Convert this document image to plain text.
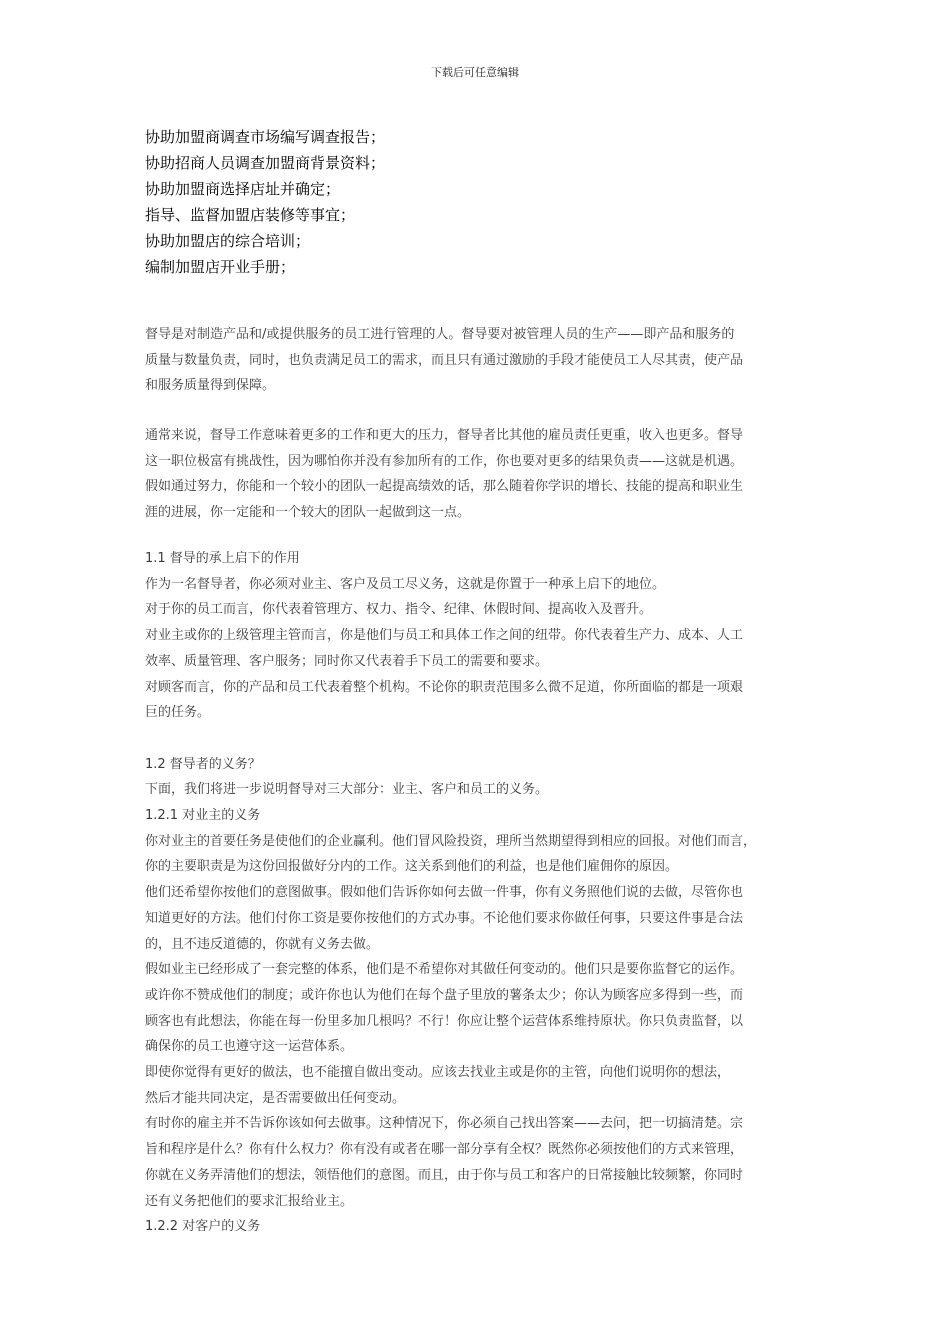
下载后可任意编辑
协助加盟商调查市场编写调查报告；
协助招商人员调查加盟商背景资料；
协助加盟商选择店址并确定；
指导、监督加盟店装修等事宜；
协助加盟店的综合培训；
编制加盟店开业手册；
督导是对制造产品和/或提供服务的员工进行管理的人。督导要对被管理人员的生产——即产品和服务的
质量与数量负责，同时，也负责满足员工的需求，而且只有通过激励的手段才能使员工人尽其责，使产品
和服务质量得到保障。
通常来说，督导工作意味着更多的工作和更大的压力，督导者比其他的雇员责任更重，收入也更多。督导
这一职位极富有挑战性，因为哪怕你并没有参加所有的工作，你也要对更多的结果负责——这就是机遇。
假如通过努力，你能和一个较小的团队一起提高绩效的话，那么随着你学识的增长、技能的提高和职业生
涯的进展，你一定能和一个较大的团队一起做到这一点。
1.1 督导的承上启下的作用
作为一名督导者，你必须对业主、客户及员工尽义务，这就是你置于一种承上启下的地位。
对于你的员工而言，你代表着管理方、权力、指令、纪律、休假时间、提高收入及晋升。
对业主或你的上级管理主管而言，你是他们与员工和具体工作之间的纽带。你代表着生产力、成本、人工
效率、质量管理、客户服务；同时你又代表着手下员工的需要和要求。
对顾客而言，你的产品和员工代表着整个机构。不论你的职责范围多么微不足道，你所面临的都是一项艰
巨的任务。

1.2 督导者的义务？
下面，我们将进一步说明督导对三大部分：业主、客户和员工的义务。
1.2.1 对业主的义务
你对业主的首要任务是使他们的企业赢利。他们冒风险投资，理所当然期望得到相应的回报。对他们而言，
你的主要职责是为这份回报做好分内的工作。这关系到他们的利益，也是他们雇佣你的原因。
他们还希望你按他们的意图做事。假如他们告诉你如何去做一件事，你有义务照他们说的去做，尽管你也
知道更好的方法。他们付你工资是要你按他们的方式办事。不论他们要求你做任何事，只要这件事是合法
的，且不违反道德的，你就有义务去做。
假如业主已经形成了一套完整的体系，他们是不希望你对其做任何变动的。他们只是要你监督它的运作。
或许你不赞成他们的制度；或许你也认为他们在每个盘子里放的薯条太少；你认为顾客应多得到一些，而
顾客也有此想法，你能在每一份里多加几根吗？不行！你应让整个运营体系维持原状。你只负责监督，以
确保你的员工也遵守这一运营体系。
即使你觉得有更好的做法，也不能擅自做出变动。应该去找业主或是你的主管，向他们说明你的想法，
然后才能共同决定，是否需要做出任何变动。
有时你的雇主并不告诉你该如何去做事。这种情况下，你必须自己找出答案——去问，把一切搞清楚。宗
旨和程序是什么？你有什么权力？你有没有或者在哪一部分享有全权？既然你必须按他们的方式来管理，
你就在义务弄清他们的想法，领悟他们的意图。而且，由于你与员工和客户的日常接触比较频繁，你同时
还有义务把他们的要求汇报给业主。
1.2.2 对客户的义务
